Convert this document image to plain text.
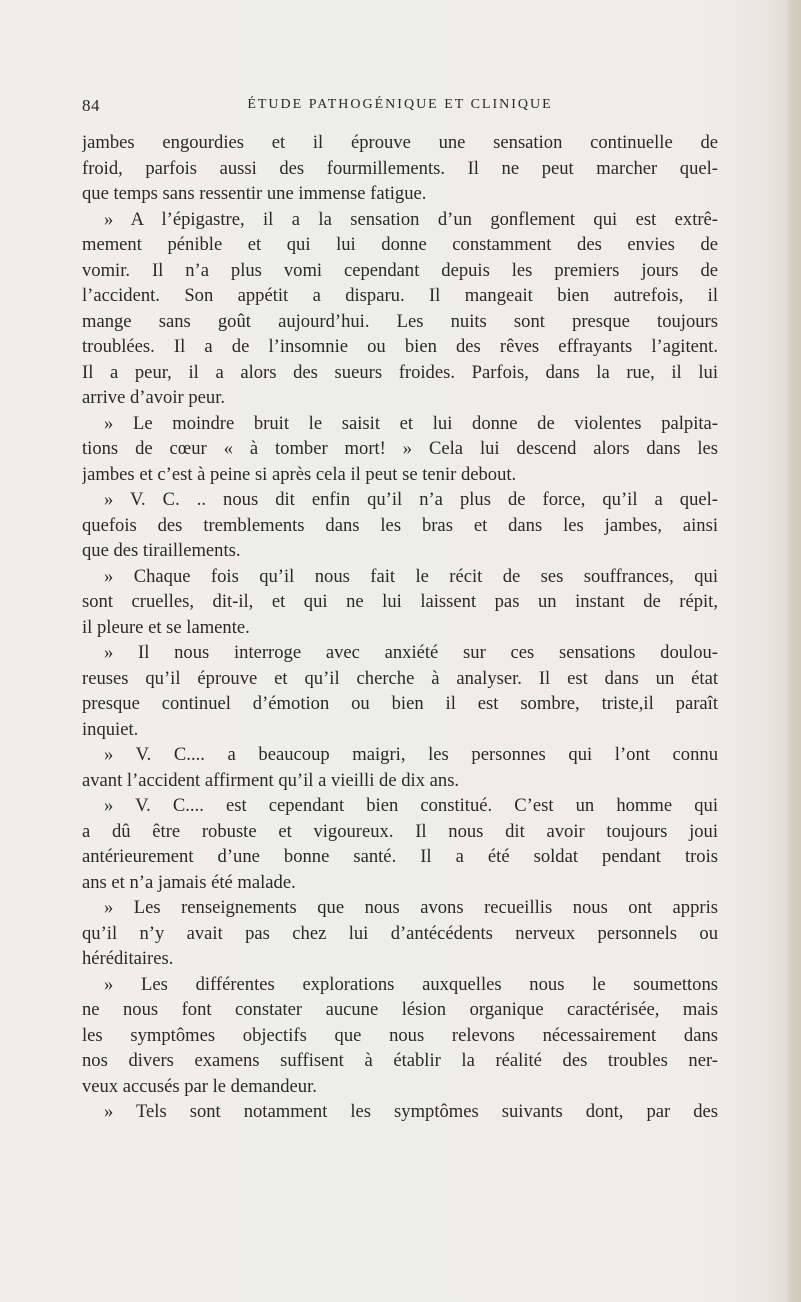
84	ÉTUDE PATHOGÉNIQUE ET CLINIQUE
jambes engourdies et il éprouve une sensation continuelle de
froid, parfois aussi des fourmillements. Il ne peut marcher quel-
que temps sans ressentir une immense fatigue.
» A l’épigastre, il a la sensation d’un gonflement qui est extrê-
mement pénible et qui lui donne constamment des envies de
vomir. Il n’a plus vomi cependant depuis les premiers jours de
l’accident. Son appétit a disparu. Il mangeait bien autrefois, il
mange sans goût aujourd’hui. Les nuits sont presque toujours
troublées. Il a de l’insomnie ou bien des rêves effrayants l’agitent.
Il a peur, il a alors des sueurs froides. Parfois, dans la rue, il lui
arrive d’avoir peur.
» Le moindre bruit le saisit et lui donne de violentes palpita-
tions de cœur « à tomber mort! » Cela lui descend alors dans les
jambes et c’est à peine si après cela il peut se tenir debout.
» V. C. .. nous dit enfin qu’il n’a plus de force, qu’il a quel-
quefois des tremblements dans les bras et dans les jambes, ainsi
que des tiraillements.
» Chaque fois qu’il nous fait le récit de ses souffrances, qui
sont cruelles, dit-il, et qui ne lui laissent pas un instant de répit,
il pleure et se lamente.
» Il nous interroge avec anxiété sur ces sensations doulou-
reuses qu’il éprouve et qu’il cherche à analyser. Il est dans un état
presque continuel d’émotion ou bien il est sombre, triste,il paraît
inquiet.
» V. C.... a beaucoup maigri, les personnes qui l’ont connu
avant l’accident affirment qu’il a vieilli de dix ans.
» V. C.... est cependant bien constitué. C’est un homme qui
a dû être robuste et vigoureux. Il nous dit avoir toujours joui
antérieurement d’une bonne santé. Il a été soldat pendant trois
ans et n’a jamais été malade.
» Les renseignements que nous avons recueillis nous ont appris
qu’il n’y avait pas chez lui d’antécédents nerveux personnels ou
héréditaires.
» Les différentes explorations auxquelles nous le soumettons
ne nous font constater aucune lésion organique caractérisée, mais
les symptômes objectifs que nous relevons nécessairement dans
nos divers examens suffisent à établir la réalité des troubles ner-
veux accusés par le demandeur.
» Tels sont notamment les symptômes suivants dont, par des
